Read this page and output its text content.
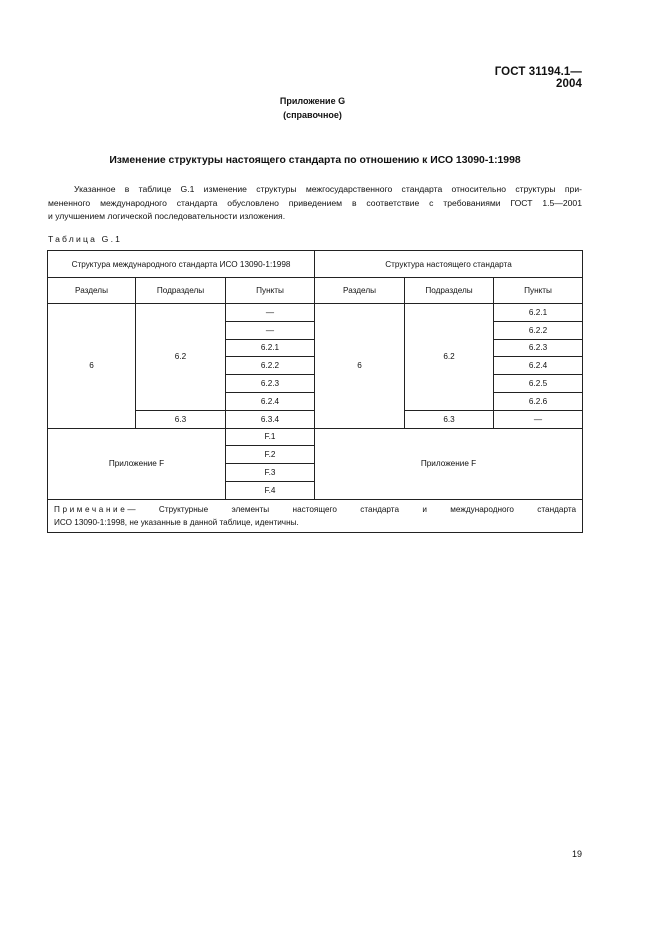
ГОСТ 31194.1—2004
Приложение G
(справочное)
Изменение структуры настоящего стандарта по отношению к ИСО 13090-1:1998
Указанное в таблице G.1 изменение структуры межгосударственного стандарта относительно структуры при-
мененного международного стандарта обусловлено приведением в соответствие с требованиями ГОСТ 1.5—2001
и улучшением логической последовательности изложения.
Таблица G.1
Структура международного стандарта ИСО 13090-1:1998			Структура настоящего стандарта		
Разделы	Подразделы	Пункты	Разделы	Подразделы	Пункты
6	6.2	—	6	6.2	6.2.1
		—			6.2.2
		6.2.1			6.2.3
		6.2.2			6.2.4
		6.2.3			6.2.5
		6.2.4			6.2.6
	6.3	6.3.4		6.3	—
Приложение F		F.1	Приложение F		
		F.2			
		F.3			
		F.4			

Примечание— Структурные элементы настоящего стандарта и международного стандарта
ИСО 13090-1:1998, не указанные в данной таблице, идентичны.					
19
